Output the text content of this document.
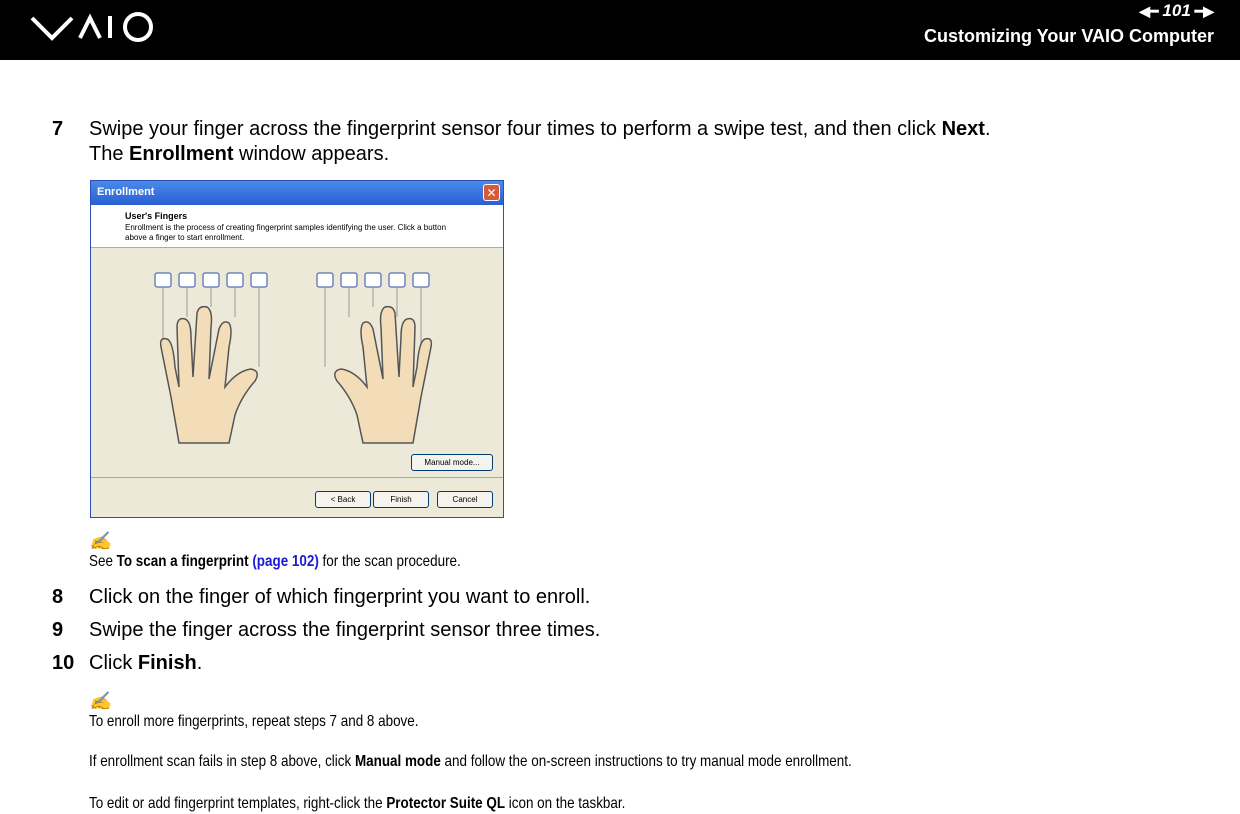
◀━ 101 ━▶
Customizing Your VAIO Computer
7 Swipe your finger across the fingerprint sensor four times to perform a swipe test, and then click Next.
The Enrollment window appears.
Enrollment	✕
User's Fingers
Enrollment is the process of creating fingerprint samples identifying the user. Click a button above a finger to start enrollment.
Manual mode...
< Back	Finish	Cancel
✍
See To scan a fingerprint (page 102) for the scan procedure.
8 Click on the finger of which fingerprint you want to enroll.
9 Swipe the finger across the fingerprint sensor three times.
10 Click Finish.
✍
To enroll more fingerprints, repeat steps 7 and 8 above.
If enrollment scan fails in step 8 above, click Manual mode and follow the on-screen instructions to try manual mode enrollment.
To edit or add fingerprint templates, right-click the Protector Suite QL icon on the taskbar.
